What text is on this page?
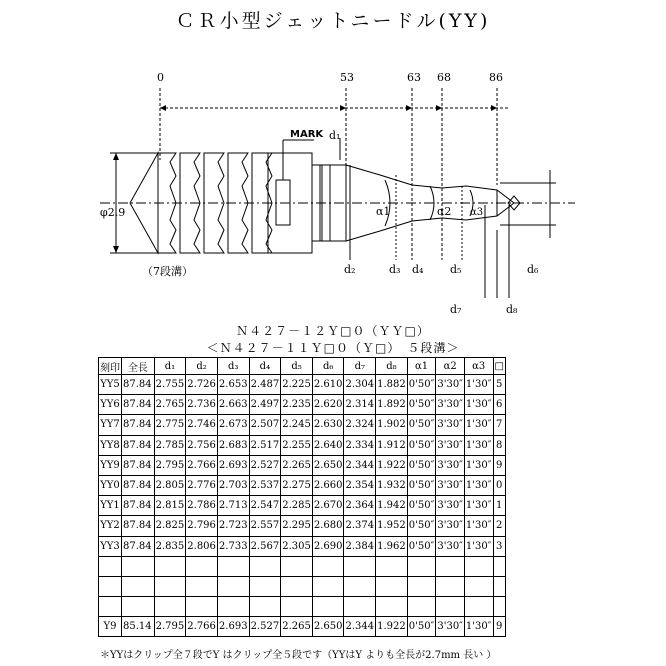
ＣＲ小型ジェットニードル(YY)
0	53	63 68	86
MARK
φ2.9
（7段溝）
d₁
d₂	d₃ d₄ d₅	d₆
d₇	d₈
α1	α2 α3
Ｎ４２７－１２Ｙ□０（ＹＹ□）
＜Ｎ４２７－１１Ｙ□０（Ｙ□）　５段溝＞
刻印	全長	d₁	d₂	d₃	d₄	d₅	d₆	d₇	d₈	α1	α2	α3	□
YY5	87.84	2.755	2.726	2.653	2.487	2.225	2.610	2.304	1.882	0'50″	3'30″	1'30″	5
YY6	87.84	2.765	2.736	2.663	2.497	2.235	2.620	2.314	1.892	0'50″	3'30″	1'30″	6
YY7	87.84	2.775	2.746	2.673	2.507	2.245	2.630	2.324	1.902	0'50″	3'30″	1'30″	7
YY8	87.84	2.785	2.756	2.683	2.517	2.255	2.640	2.334	1.912	0'50″	3'30″	1'30″	8
YY9	87.84	2.795	2.766	2.693	2.527	2.265	2.650	2.344	1.922	0'50″	3'30″	1'30″	9
YY0	87.84	2.805	2.776	2.703	2.537	2.275	2.660	2.354	1.932	0'50″	3'30″	1'30″	0
YY1	87.84	2.815	2.786	2.713	2.547	2.285	2.670	2.364	1.942	0'50″	3'30″	1'30″	1
YY2	87.84	2.825	2.796	2.723	2.557	2.295	2.680	2.374	1.952	0'50″	3'30″	1'30″	2
YY3	87.84	2.835	2.806	2.733	2.567	2.305	2.690	2.384	1.962	0'50″	3'30″	1'30″	3

Y9	85.14	2.795	2.766	2.693	2.527	2.265	2.650	2.344	1.922	0'50″	3'30″	1'30″	9
＊YYはクリップ全７段でY はクリップ全５段です（YYはY よりも全長が2.7mm 長い ）
